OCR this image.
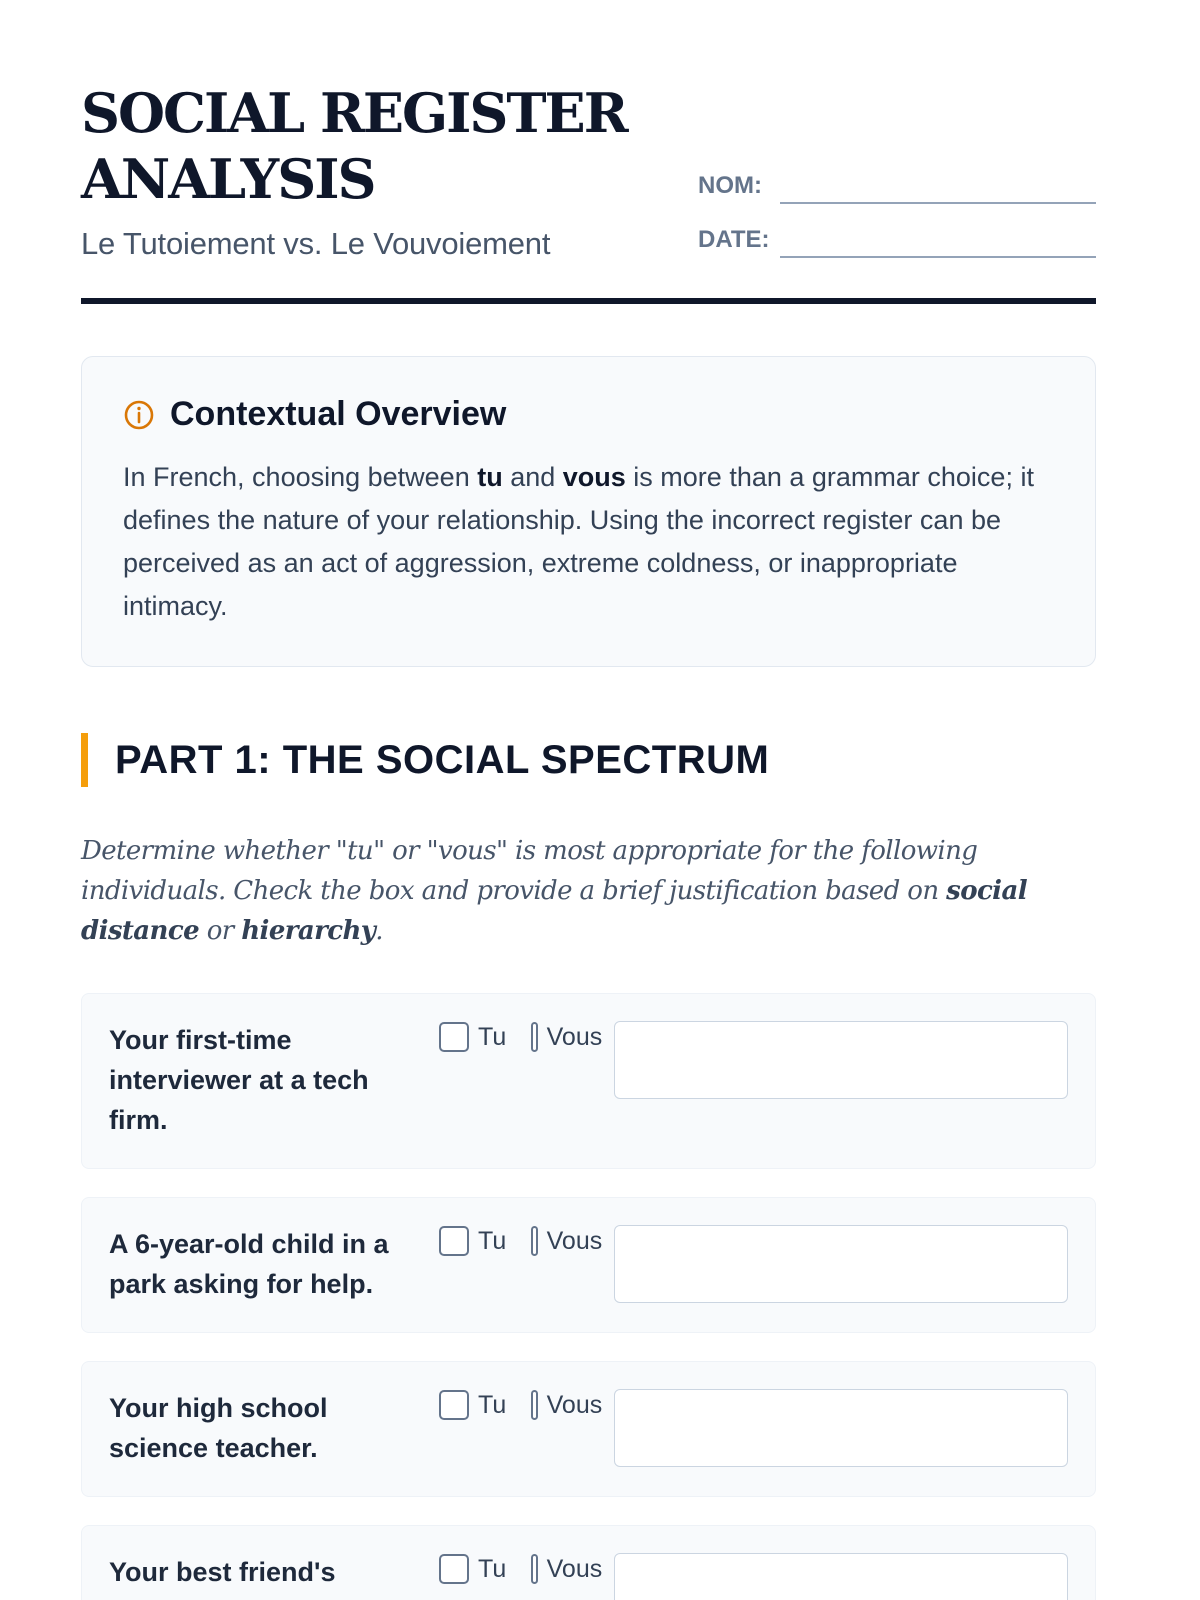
SOCIAL REGISTER
ANALYSIS
Le Tutoiement vs. Le Vouvoiement
NOM:
DATE:
Contextual Overview
In French, choosing between tu and vous is more than a grammar choice; it defines the nature of your relationship. Using the incorrect register can be perceived as an act of aggression, extreme coldness, or inappropriate intimacy.
PART 1: THE SOCIAL SPECTRUM
Determine whether "tu" or "vous" is most appropriate for the following individuals. Check the box and provide a brief justification based on social distance or hierarchy.
Your first-time interviewer at a tech firm.
Tu Vous
A 6-year-old child in a park asking for help.
Tu Vous
Your high school science teacher.
Tu Vous
Your best friend's	Tu Vous
